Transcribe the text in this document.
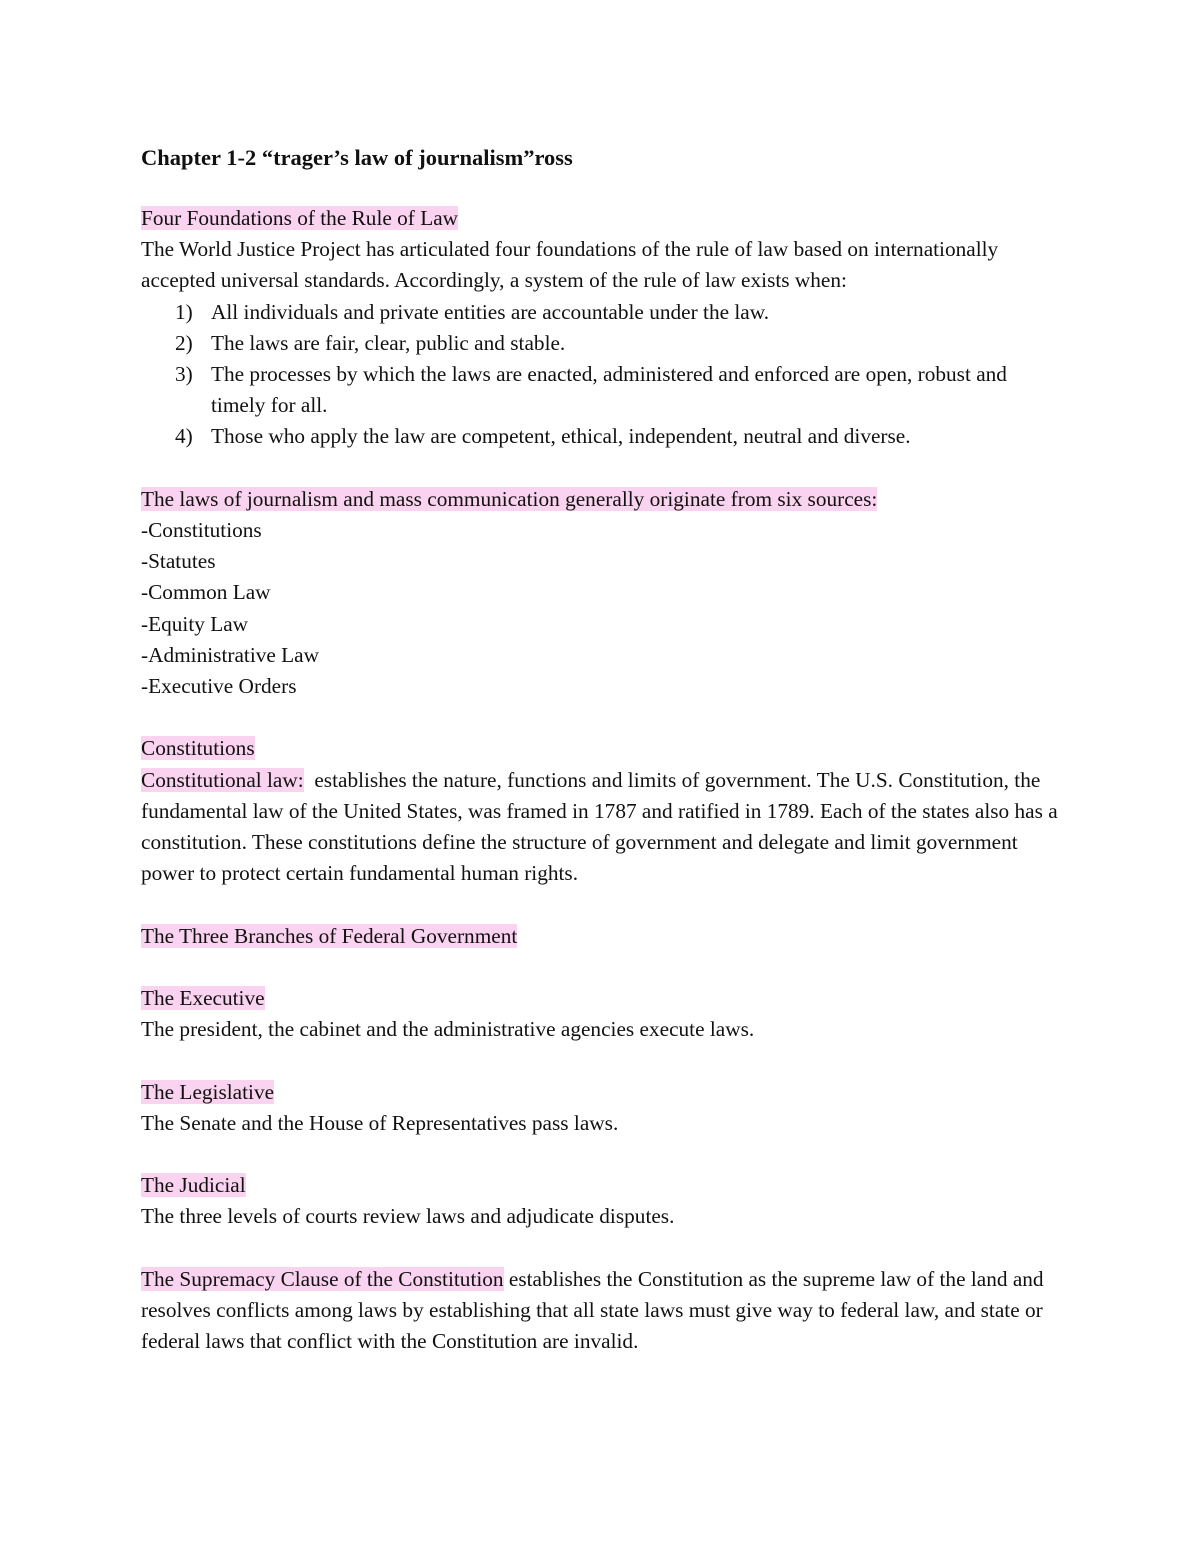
Chapter 1-2 “trager’s law of journalism”ross

Four Foundations of the Rule of Law

The World Justice Project has articulated four foundations of the rule of law based on internationally accepted universal standards. Accordingly, a system of the rule of law exists when:

1) All individuals and private entities are accountable under the law.
2) The laws are fair, clear, public and stable.
3) The processes by which the laws are enacted, administered and enforced are open, robust and timely for all.
4) Those who apply the law are competent, ethical, independent, neutral and diverse.

The laws of journalism and mass communication generally originate from six sources:

-Constitutions
-Statutes
-Common Law
-Equity Law
-Administrative Law
-Executive Orders

Constitutions

Constitutional law:  establishes the nature, functions and limits of government. The U.S. Constitution, the fundamental law of the United States, was framed in 1787 and ratified in 1789. Each of the states also has a constitution. These constitutions define the structure of government and delegate and limit government power to protect certain fundamental human rights.

The Three Branches of Federal Government

The Executive

The president, the cabinet and the administrative agencies execute laws.

The Legislative

The Senate and the House of Representatives pass laws.

The Judicial

The three levels of courts review laws and adjudicate disputes.

The Supremacy Clause of the Constitution establishes the Constitution as the supreme law of the land and resolves conflicts among laws by establishing that all state laws must give way to federal law, and state or federal laws that conflict with the Constitution are invalid.
